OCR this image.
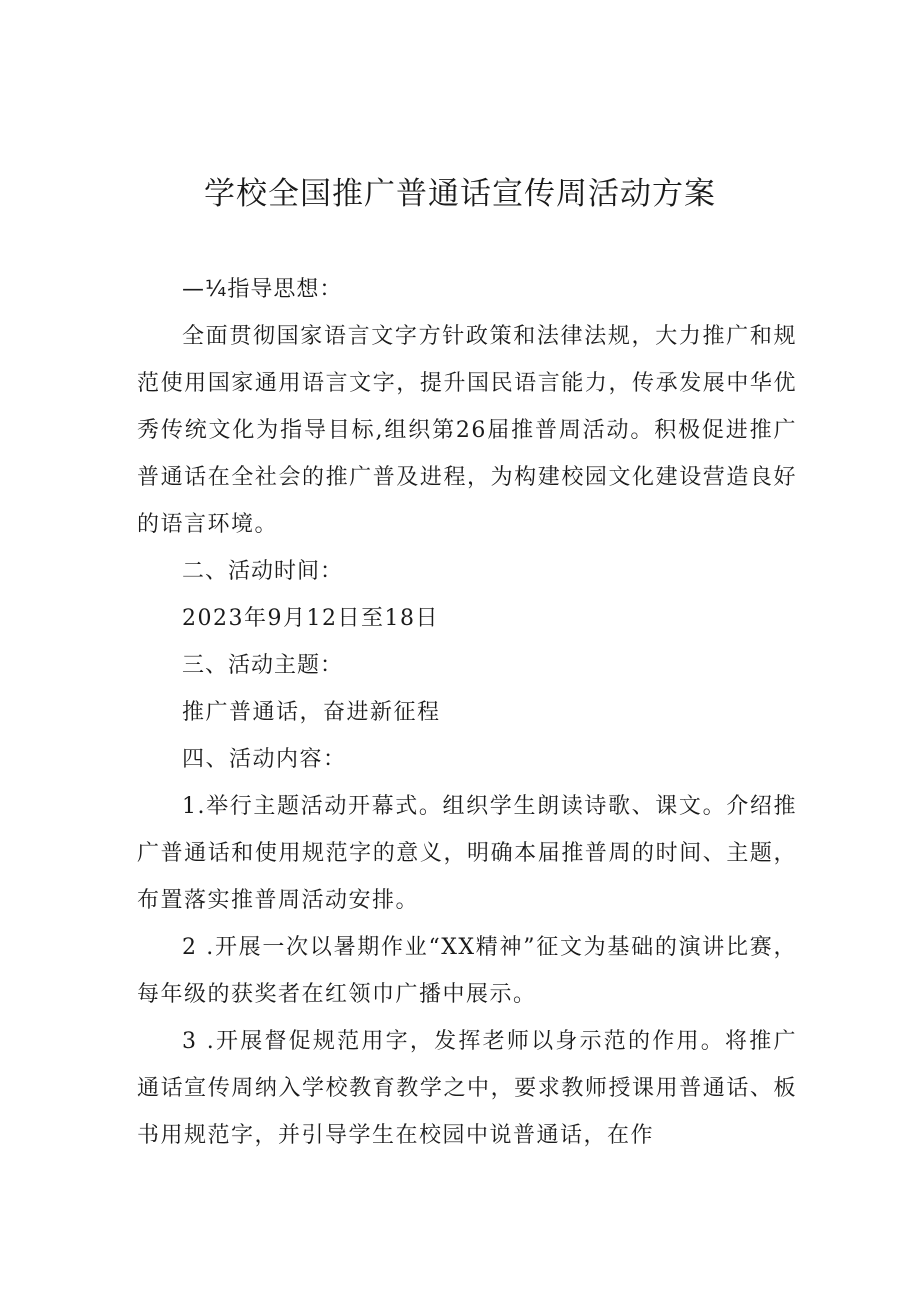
学校全国推广普通话宣传周活动方案
—¼指导思想：
全面贯彻国家语言文字方针政策和法律法规，大力推广和规
范使用国家通用语言文字，提升国民语言能力，传承发展中华优
秀传统文化为指导目标,组织第26届推普周活动。积极促进推广
普通话在全社会的推广普及进程，为构建校园文化建设营造良好
的语言环境。
二、活动时间：
2023年9月12日至18日
三、活动主题：
推广普通话，奋进新征程
四、活动内容：
1.举行主题活动开幕式。组织学生朗读诗歌、课文。介绍推
广普通话和使用规范字的意义，明确本届推普周的时间、主题，
布置落实推普周活动安排。
2 .开展一次以暑期作业“XX精神”征文为基础的演讲比赛，
每年级的获奖者在红领巾广播中展示。
3 .开展督促规范用字，发挥老师以身示范的作用。将推广
通话宣传周纳入学校教育教学之中，要求教师授课用普通话、板
书用规范字，并引导学生在校园中说普通话，在作
